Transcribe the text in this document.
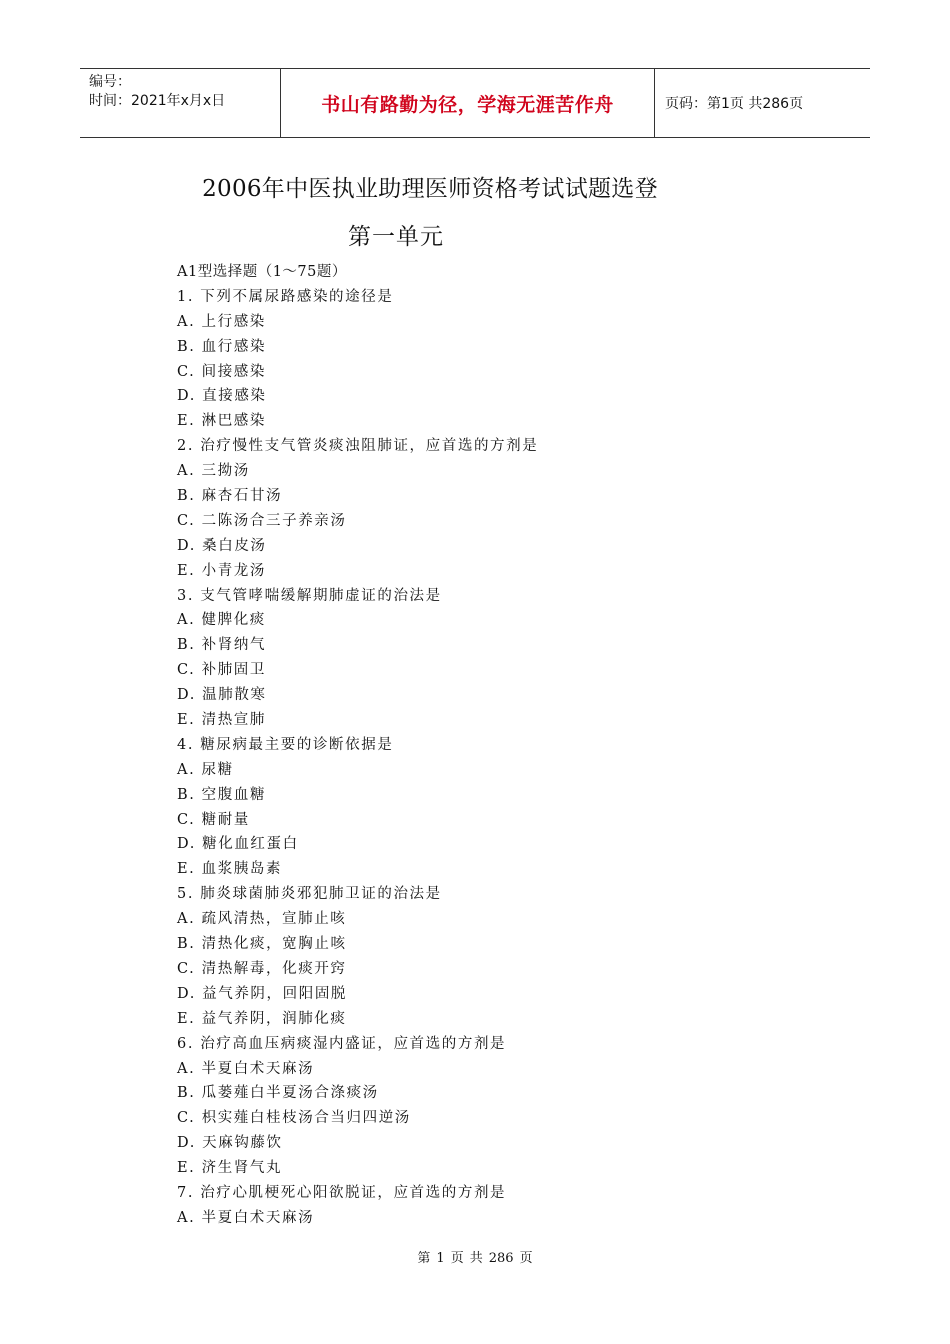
编号：
时间：2021年x月x日	书山有路勤为径，学海无涯苦作舟	页码：第1页 共286页
2006年中医执业助理医师资格考试试题选登
第一单元
A1型选择题（1～75题）
1. 下列不属尿路感染的途径是
A. 上行感染
B. 血行感染
C. 间接感染
D. 直接感染
E. 淋巴感染
2. 治疗慢性支气管炎痰浊阻肺证，应首选的方剂是
A. 三拗汤
B. 麻杏石甘汤
C. 二陈汤合三子养亲汤
D. 桑白皮汤
E. 小青龙汤
3. 支气管哮喘缓解期肺虚证的治法是
A. 健脾化痰
B. 补肾纳气
C. 补肺固卫
D. 温肺散寒
E. 清热宣肺
4. 糖尿病最主要的诊断依据是
A. 尿糖
B. 空腹血糖
C. 糖耐量
D. 糖化血红蛋白
E. 血浆胰岛素
5. 肺炎球菌肺炎邪犯肺卫证的治法是
A. 疏风清热，宣肺止咳
B. 清热化痰，宽胸止咳
C. 清热解毒，化痰开窍
D. 益气养阴，回阳固脱
E. 益气养阴，润肺化痰
6. 治疗高血压病痰湿内盛证，应首选的方剂是
A. 半夏白术天麻汤
B. 瓜蒌薤白半夏汤合涤痰汤
C. 枳实薤白桂枝汤合当归四逆汤
D. 天麻钩藤饮
E. 济生肾气丸
7. 治疗心肌梗死心阳欲脱证，应首选的方剂是
A. 半夏白术天麻汤
第 1 页 共 286 页
